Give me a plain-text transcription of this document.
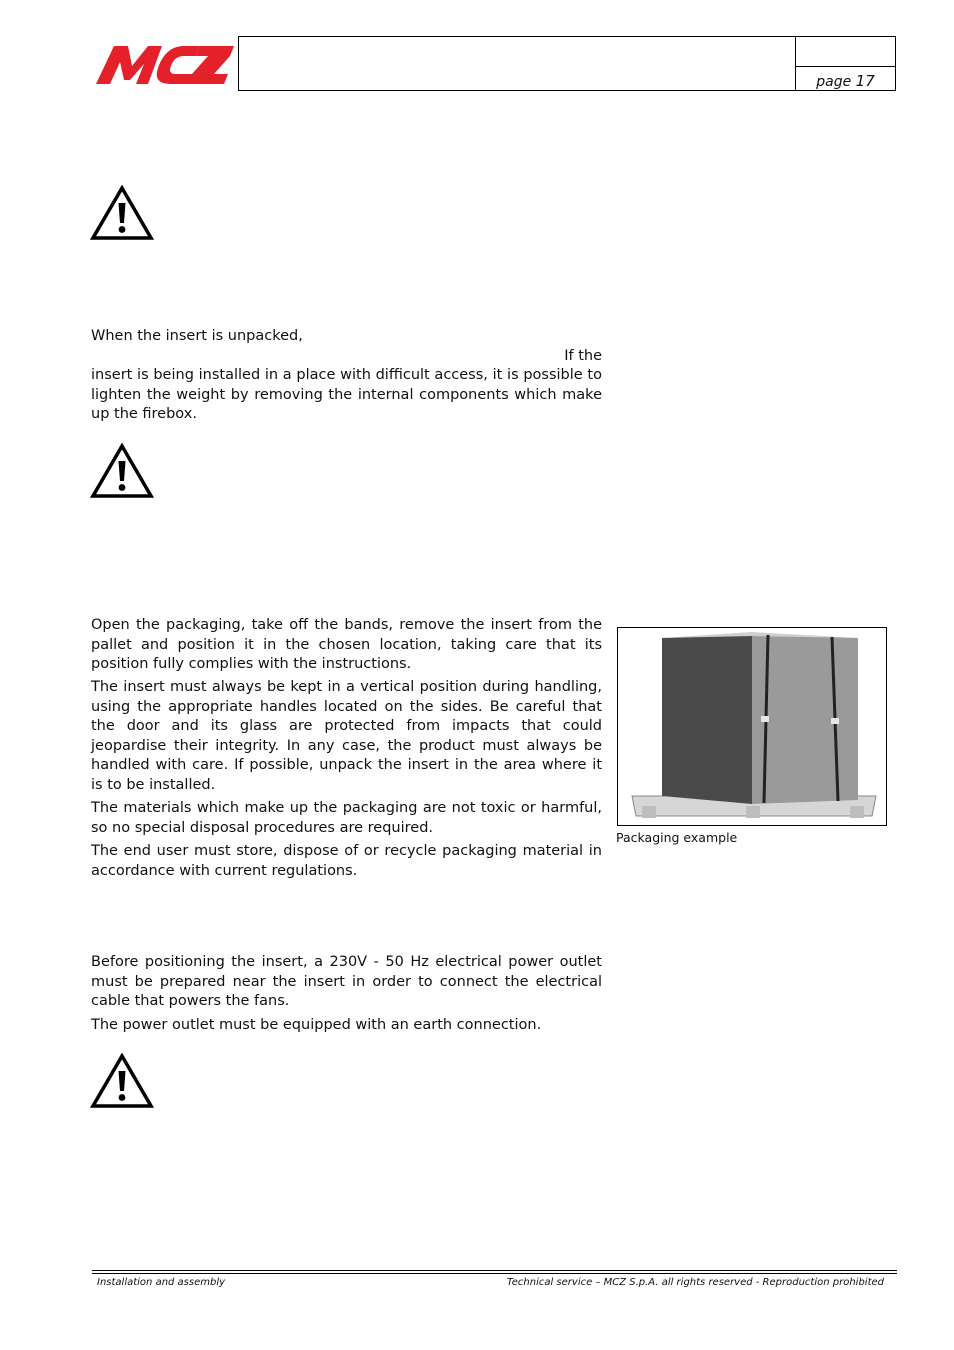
page 17

When the insert is unpacked,

If the

insert is being installed in a place with difficult access, it is possible to lighten the weight by removing the internal components which make up the firebox.

Open the packaging, take off the bands, remove the insert from the pallet and position it in the chosen location, taking care that its position fully complies with the instructions.

The insert must always be kept in a vertical position during handling, using the appropriate handles located on the sides. Be careful that the door and its glass are protected from impacts that could jeopardise their integrity. In any case, the product must always be handled with care. If possible, unpack the insert in the area where it is to be installed.

The materials which make up the packaging are not toxic or harmful, so no special disposal procedures are required.

The end user must store, dispose of or recycle packaging material in accordance with current regulations.

Packaging example

Before positioning the insert, a 230V - 50 Hz electrical power outlet must be prepared near the insert in order to connect the electrical cable that powers the fans.

The power outlet must be equipped with an earth connection.

Installation and assembly	Technical service – MCZ S.p.A. all rights reserved - Reproduction prohibited
